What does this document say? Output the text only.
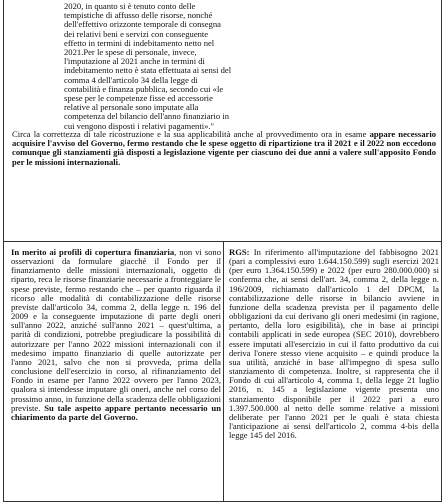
2020, in quanto si è tenuto conto delle

tempistiche di affusso delle risorse, nonché

dell'effettivo orizzonte temporale di consegna

dei relativi beni e servizi con conseguente

effetto in termini di indebitamento netto nel

2021.Per le spese di personale, invece,

l'imputazione al 2021 anche in termini di

indebitamento netto è stata effettuata ai sensi del

comma 4 dell'articolo 34 della legge di

contabilità e finanza pubblica, secondo cui «le

spese per le competenze fisse ed accessorie

relative al personale sono imputate alla

competenza del bilancio dell'anno finanziario in

cui vengono disposti i relativi pagamenti»."

Circa la correttezza di tale ricostruzione e la sua applicabilità anche al provvedimento ora in esame appare necessario acquisire l'avviso del Governo, fermo restando che le spese oggetto di ripartizione tra il 2021 e il 2022 non eccedono comunque gli stanziamenti già disposti a legislazione vigente per ciascuno dei due anni a valere sull'apposito Fondo per le missioni internazionali.

In merito ai profili di copertura finanziaria, non vi sono osservazioni da formulare giacché il Fondo per il finanziamento delle missioni internazionali, oggetto di riparto, reca le risorse finanziarie necessarie a fronteggiare le spese previste, fermo restando che – per quanto riguarda il ricorso alle modalità di contabilizzazione delle risorse previste dall'articolo 34, comma 2, della legge n. 196 del 2009 e la conseguente imputazione di parte degli oneri sull'anno 2022, anziché sull'anno 2021 – quest'ultima, a parità di condizioni, potrebbe pregiudicare la possibilità di autorizzare per l'anno 2022 missioni internazionali con il medesimo impatto finanziario di quelle autorizzate per l'anno 2021, salvo che non si provveda, prima della conclusione dell'esercizio in corso, al rifinanziamento del Fondo in esame per l'anno 2022 ovvero per l'anno 2023, qualora si intendesse imputare gli oneri, anche nel corso del prossimo anno, in funzione della scadenza delle obbligazioni previste. Su tale aspetto appare pertanto necessario un chiarimento da parte del Governo.

RGS: In riferimento all'imputazione del fabbisogno 2021 (pari a complessivi euro 1.644.150.599) sugli esercizi 2021 (per euro 1.364.150.599) e 2022 (per euro 280.000.000) si conferma che, ai sensi dell'art. 34, comma 2, della legge n. 196/2009, richiamato dall'articolo 1 del DPCM, la contabilizzazione delle risorse in bilancio avviene in funzione della scadenza prevista per il pagamento delle obbligazioni da cui derivano gli oneri medesimi (in ragione, pertanto, della loro esigibilità), che in base ai principi contabili applicati in sede europea (SEC 2010), dovrebbero essere imputati all'esercizio in cui il fatto produttivo da cui deriva l'onere stesso viene acquisito – e quindi produce la sua utilità, anziché in base all'impegno di spesa sullo stanziamento di competenza. Inoltre, si rappresenta che il Fondo di cui all'articolo 4, comma 1, della legge 21 luglio 2016, n. 145 a legislazione vigente presenta uno stanziamento disponibile per il 2022 pari a euro 1.397.500.000 al netto delle somme relative a missioni deliberate per l'anno 2021 per le quali è stata chiesta l'anticipazione ai sensi dell'articolo 2, comma 4-bis della legge 145 del 2016.
